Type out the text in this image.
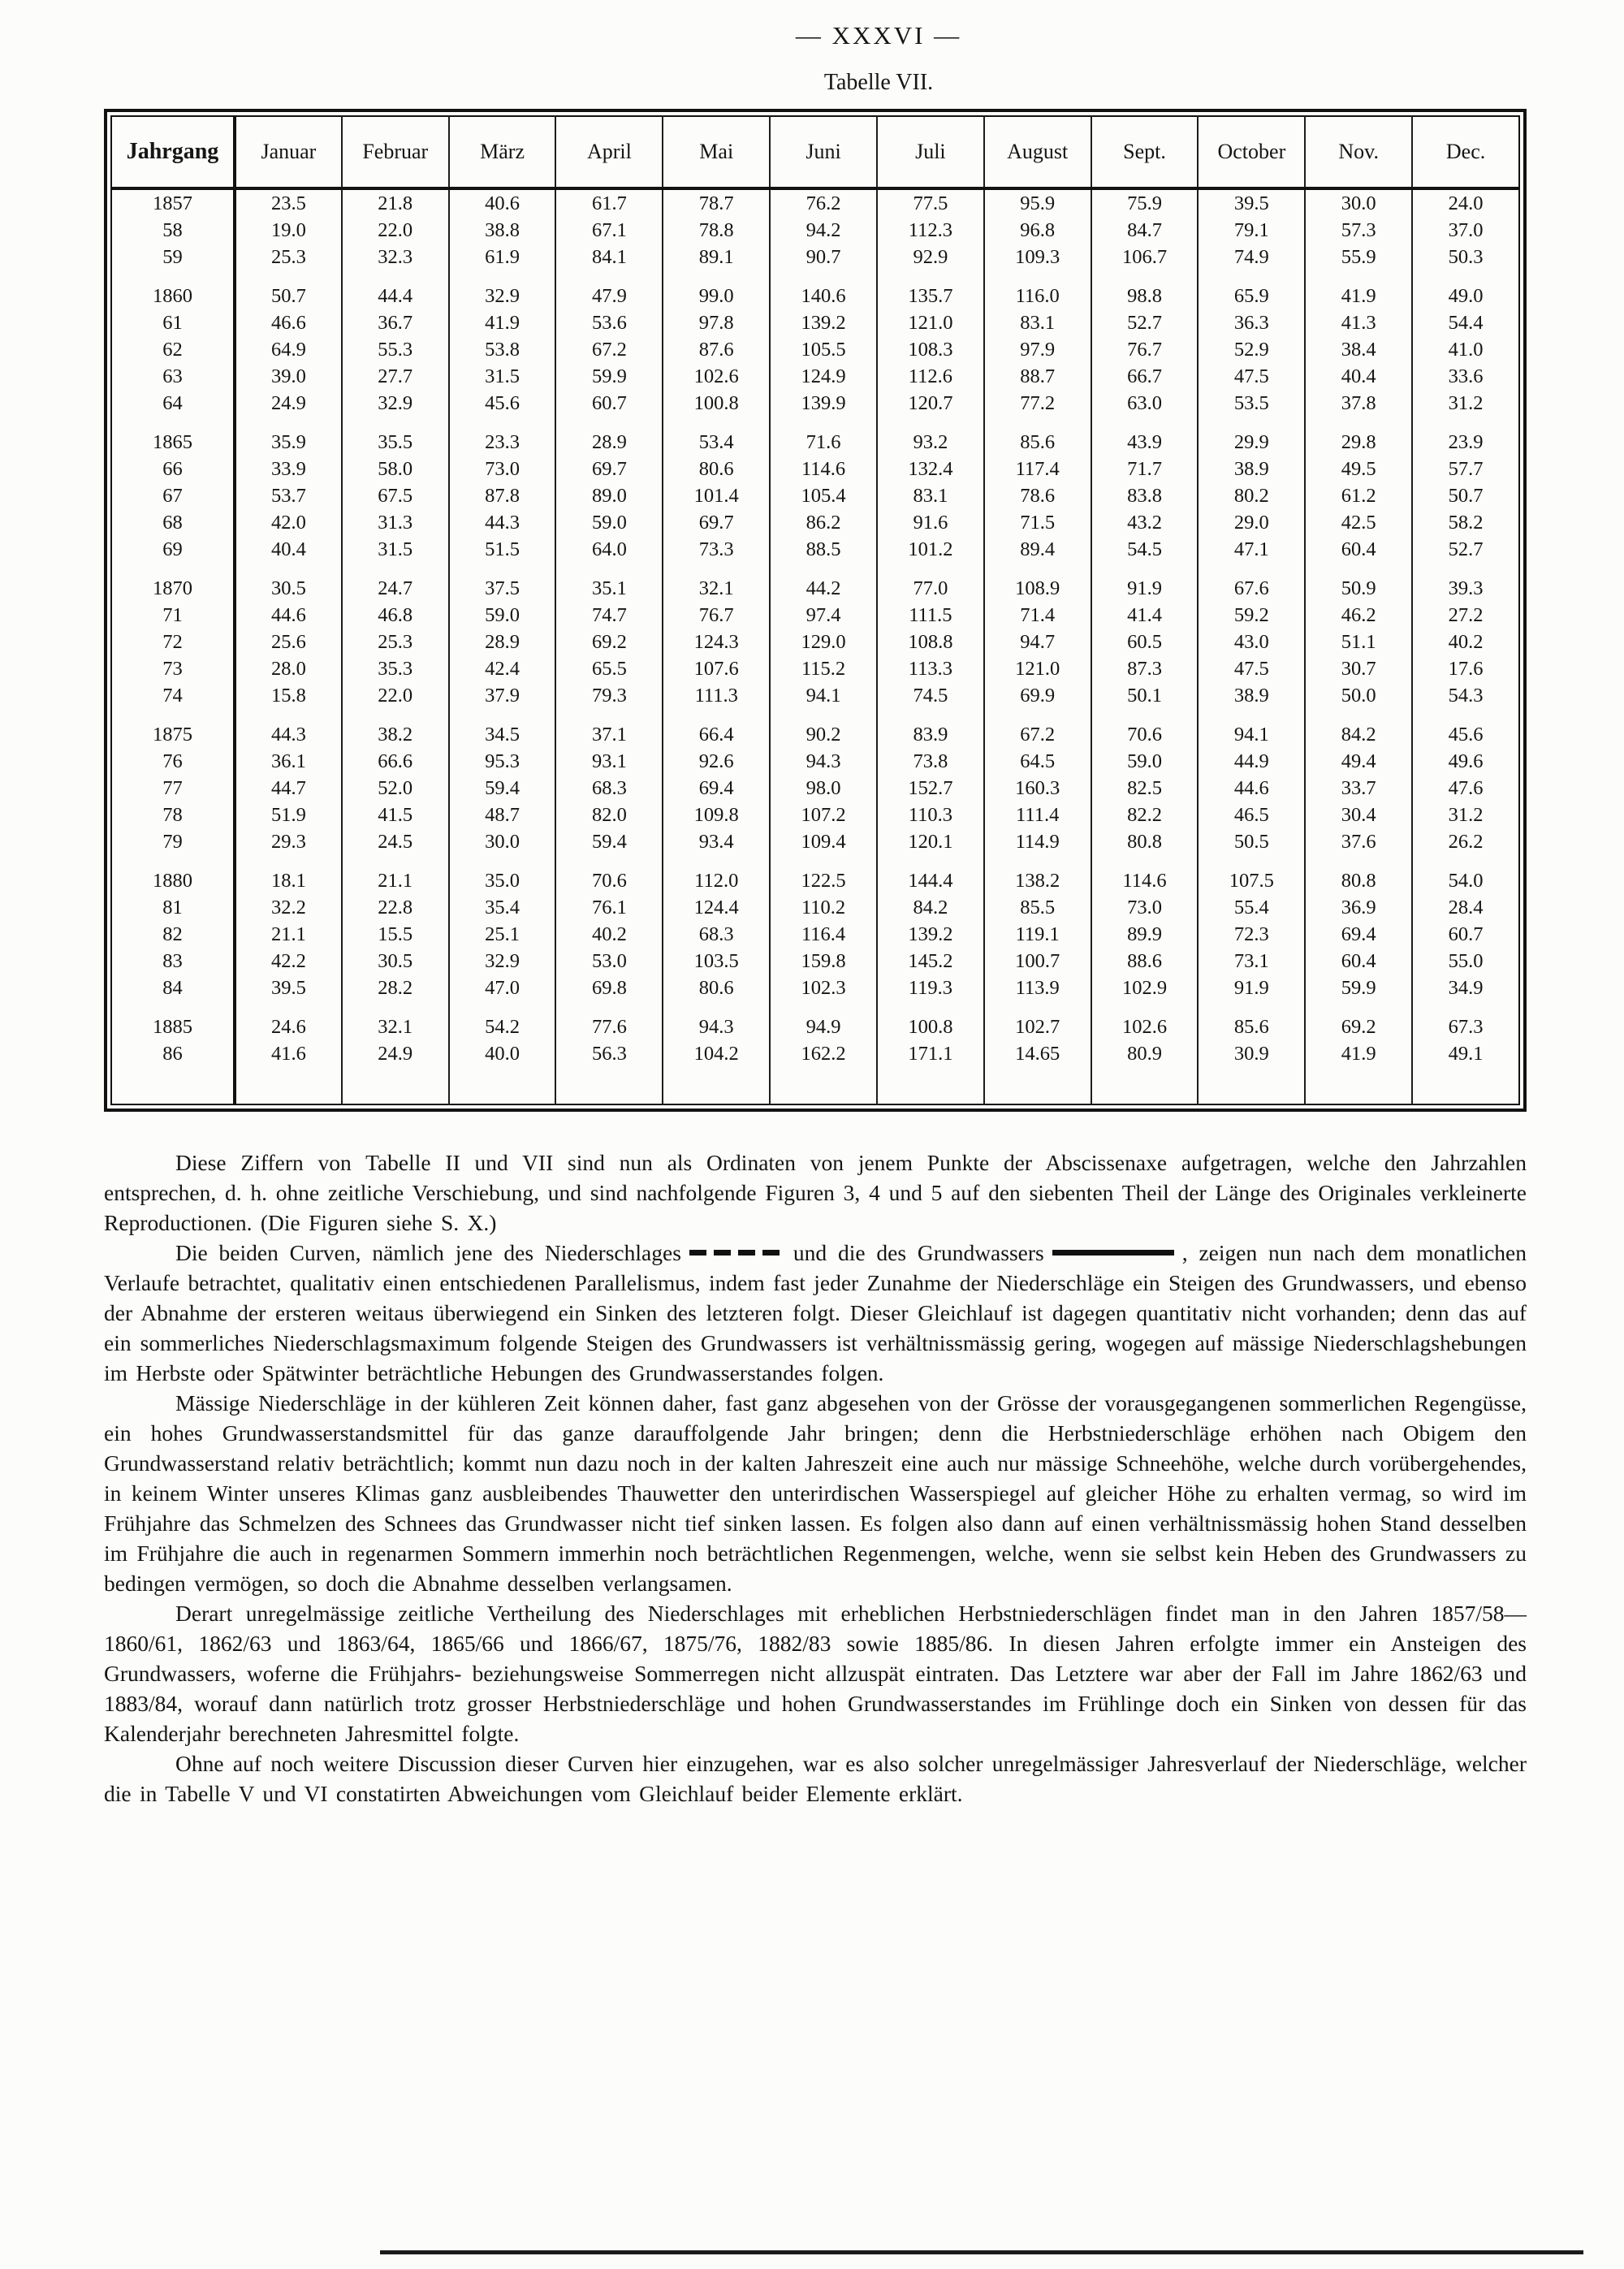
— XXXVI —
Tabelle VII.
Jahrgang	Januar	Februar	März	April	Mai	Juni	Juli	August	Sept.	October	Nov.	Dec.
1857	23.5	21.8	40.6	61.7	78.7	76.2	77.5	95.9	75.9	39.5	30.0	24.0
58	19.0	22.0	38.8	67.1	78.8	94.2	112.3	96.8	84.7	79.1	57.3	37.0
59	25.3	32.3	61.9	84.1	89.1	90.7	92.9	109.3	106.7	74.9	55.9	50.3

1860	50.7	44.4	32.9	47.9	99.0	140.6	135.7	116.0	98.8	65.9	41.9	49.0
61	46.6	36.7	41.9	53.6	97.8	139.2	121.0	83.1	52.7	36.3	41.3	54.4
62	64.9	55.3	53.8	67.2	87.6	105.5	108.3	97.9	76.7	52.9	38.4	41.0
63	39.0	27.7	31.5	59.9	102.6	124.9	112.6	88.7	66.7	47.5	40.4	33.6
64	24.9	32.9	45.6	60.7	100.8	139.9	120.7	77.2	63.0	53.5	37.8	31.2

1865	35.9	35.5	23.3	28.9	53.4	71.6	93.2	85.6	43.9	29.9	29.8	23.9
66	33.9	58.0	73.0	69.7	80.6	114.6	132.4	117.4	71.7	38.9	49.5	57.7
67	53.7	67.5	87.8	89.0	101.4	105.4	83.1	78.6	83.8	80.2	61.2	50.7
68	42.0	31.3	44.3	59.0	69.7	86.2	91.6	71.5	43.2	29.0	42.5	58.2
69	40.4	31.5	51.5	64.0	73.3	88.5	101.2	89.4	54.5	47.1	60.4	52.7

1870	30.5	24.7	37.5	35.1	32.1	44.2	77.0	108.9	91.9	67.6	50.9	39.3
71	44.6	46.8	59.0	74.7	76.7	97.4	111.5	71.4	41.4	59.2	46.2	27.2
72	25.6	25.3	28.9	69.2	124.3	129.0	108.8	94.7	60.5	43.0	51.1	40.2
73	28.0	35.3	42.4	65.5	107.6	115.2	113.3	121.0	87.3	47.5	30.7	17.6
74	15.8	22.0	37.9	79.3	111.3	94.1	74.5	69.9	50.1	38.9	50.0	54.3

1875	44.3	38.2	34.5	37.1	66.4	90.2	83.9	67.2	70.6	94.1	84.2	45.6
76	36.1	66.6	95.3	93.1	92.6	94.3	73.8	64.5	59.0	44.9	49.4	49.6
77	44.7	52.0	59.4	68.3	69.4	98.0	152.7	160.3	82.5	44.6	33.7	47.6
78	51.9	41.5	48.7	82.0	109.8	107.2	110.3	111.4	82.2	46.5	30.4	31.2
79	29.3	24.5	30.0	59.4	93.4	109.4	120.1	114.9	80.8	50.5	37.6	26.2

1880	18.1	21.1	35.0	70.6	112.0	122.5	144.4	138.2	114.6	107.5	80.8	54.0
81	32.2	22.8	35.4	76.1	124.4	110.2	84.2	85.5	73.0	55.4	36.9	28.4
82	21.1	15.5	25.1	40.2	68.3	116.4	139.2	119.1	89.9	72.3	69.4	60.7
83	42.2	30.5	32.9	53.0	103.5	159.8	145.2	100.7	88.6	73.1	60.4	55.0
84	39.5	28.2	47.0	69.8	80.6	102.3	119.3	113.9	102.9	91.9	59.9	34.9

1885	24.6	32.1	54.2	77.6	94.3	94.9	100.8	102.7	102.6	85.6	69.2	67.3
86	41.6	24.9	40.0	56.3	104.2	162.2	171.1	14.65	80.9	30.9	41.9	49.1

Diese Ziffern von Tabelle II und VII sind nun als Ordinaten von jenem Punkte der Abscissenaxe aufgetragen, welche den Jahrzahlen entsprechen, d. h. ohne zeitliche Verschiebung, und sind nachfolgende Figuren 3, 4 und 5 auf den siebenten Theil der Länge des Originales verkleinerte Reproductionen. (Die Figuren siehe S. X.)

Die beiden Curven, nämlich jene des Niederschlages	und die des Grundwassers	, zeigen nun nach dem monatlichen Verlaufe betrachtet, qualitativ einen entschiedenen Parallelismus, indem fast jeder Zunahme der Niederschläge ein Steigen des Grundwassers, und ebenso der Abnahme der ersteren weitaus überwiegend ein Sinken des letzteren folgt. Dieser Gleichlauf ist dagegen quantitativ nicht vorhanden; denn das auf ein sommerliches Niederschlagsmaximum folgende Steigen des Grundwassers ist verhältnissmässig gering, wogegen auf mässige Niederschlagshebungen im Herbste oder Spätwinter beträchtliche Hebungen des Grundwasserstandes folgen.

Mässige Niederschläge in der kühleren Zeit können daher, fast ganz abgesehen von der Grösse der vorausgegangenen sommerlichen Regengüsse, ein hohes Grundwasserstandsmittel für das ganze darauffolgende Jahr bringen; denn die Herbstniederschläge erhöhen nach Obigem den Grundwasserstand relativ beträchtlich; kommt nun dazu noch in der kalten Jahreszeit eine auch nur mässige Schneehöhe, welche durch vorübergehendes, in keinem Winter unseres Klimas ganz ausbleibendes Thauwetter den unterirdischen Wasserspiegel auf gleicher Höhe zu erhalten vermag, so wird im Frühjahre das Schmelzen des Schnees das Grundwasser nicht tief sinken lassen. Es folgen also dann auf einen verhältnissmässig hohen Stand desselben im Frühjahre die auch in regenarmen Sommern immerhin noch beträchtlichen Regenmengen, welche, wenn sie selbst kein Heben des Grundwassers zu bedingen vermögen, so doch die Abnahme desselben verlangsamen.

Derart unregelmässige zeitliche Vertheilung des Niederschlages mit erheblichen Herbstniederschlägen findet man in den Jahren 1857/58—1860/61, 1862/63 und 1863/64, 1865/66 und 1866/67, 1875/76, 1882/83 sowie 1885/86. In diesen Jahren erfolgte immer ein Ansteigen des Grundwassers, woferne die Frühjahrs- beziehungsweise Sommerregen nicht allzuspät eintraten. Das Letztere war aber der Fall im Jahre 1862/63 und 1883/84, worauf dann natürlich trotz grosser Herbstniederschläge und hohen Grundwasserstandes im Frühlinge doch ein Sinken von dessen für das Kalenderjahr berechneten Jahresmittel folgte.

Ohne auf noch weitere Discussion dieser Curven hier einzugehen, war es also solcher unregelmässiger Jahresverlauf der Niederschläge, welcher die in Tabelle V und VI constatirten Abweichungen vom Gleichlauf beider Elemente erklärt.
